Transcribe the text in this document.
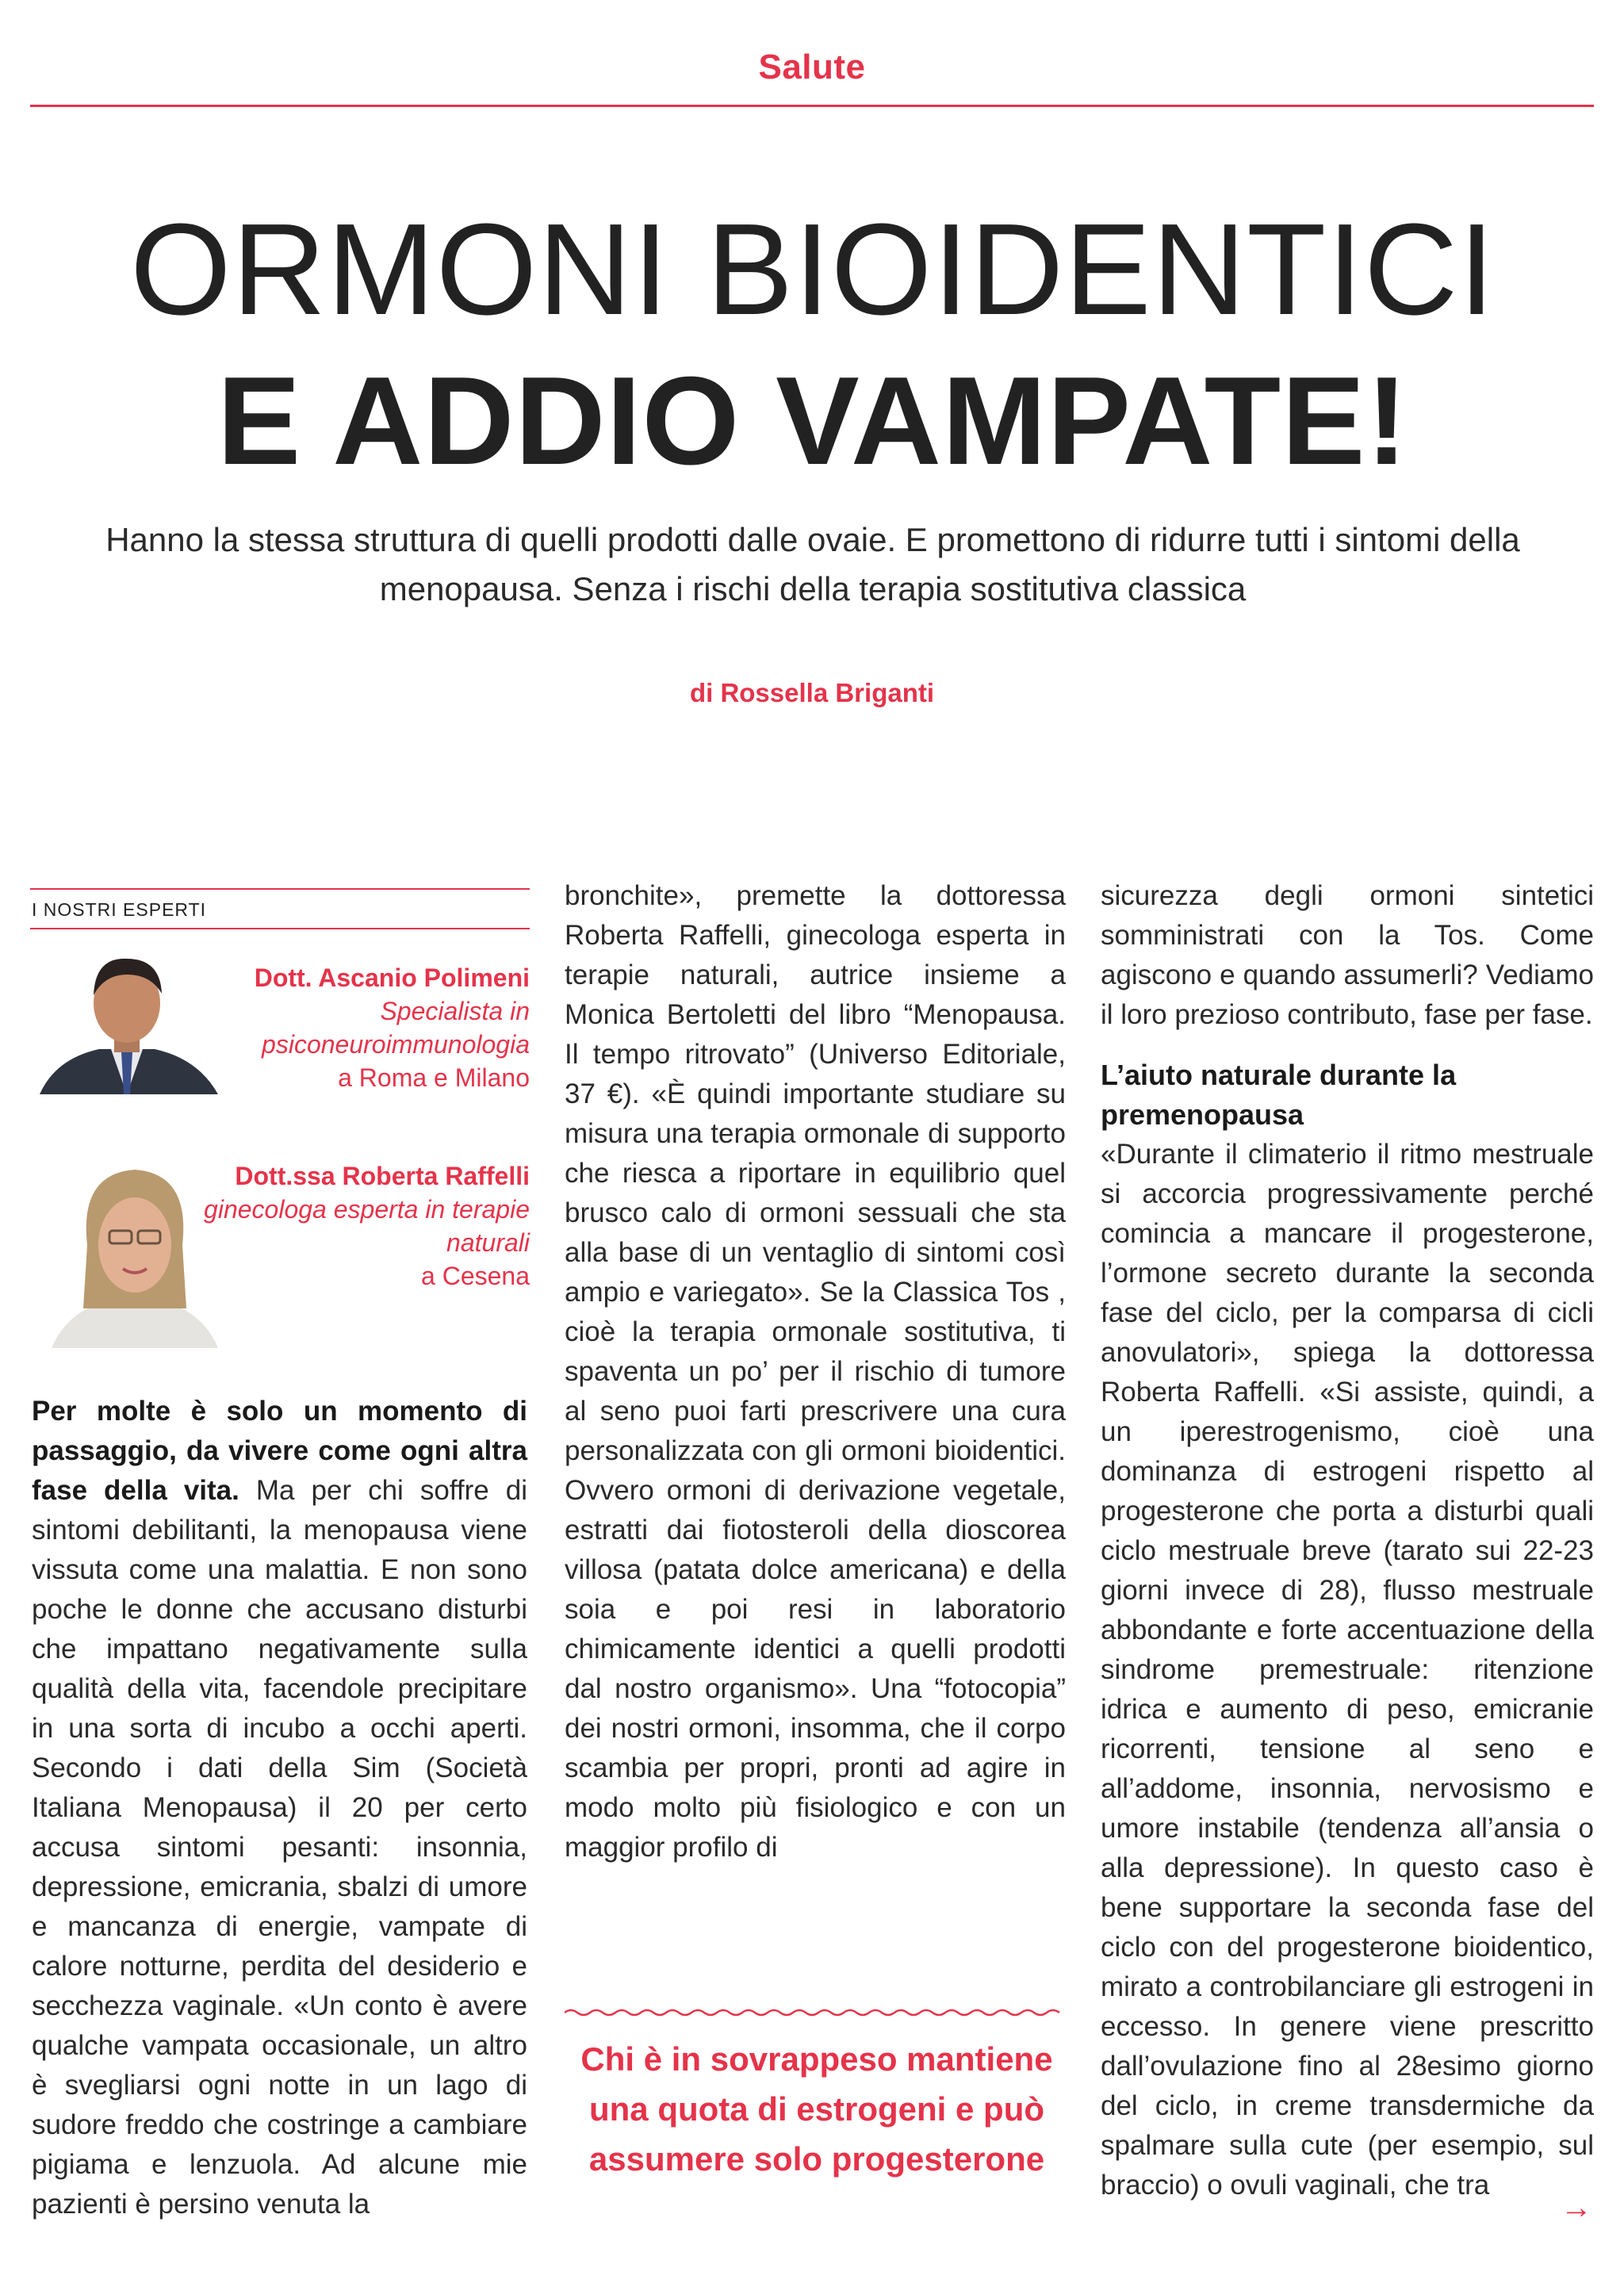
Salute
ORMONI BIOIDENTICI
E ADDIO VAMPATE!
Hanno la stessa struttura di quelli prodotti dalle ovaie. E promettono di ridurre tutti i sintomi della menopausa. Senza i rischi della terapia sostitutiva classica
di Rossella Briganti
I NOSTRI ESPERTI
Dott. Ascanio Polimeni
Specialista in psiconeuroimmunologia
a Roma e Milano
Dott.ssa Roberta Raffelli
ginecologa esperta in terapie naturali
a Cesena

Per molte è solo un momento di passaggio, da vivere come ogni altra fase della vita. Ma per chi soffre di sintomi debilitanti, la menopausa viene vissuta come una malattia. E non sono poche le donne che accusano disturbi che impattano negativamente sulla qualità della vita, facendole precipitare in una sorta di incubo a occhi aperti. Secondo i dati della Sim (Società Italiana Menopausa) il 20 per certo accusa sintomi pesanti: insonnia, depressione, emicrania, sbalzi di umore e mancanza di energie, vampate di calore notturne, perdita del desiderio e secchezza vaginale. «Un conto è avere qualche vampata occasionale, un altro è svegliarsi ogni notte in un lago di sudore freddo che costringe a cambiare pigiama e lenzuola. Ad alcune mie pazienti è persino venuta la

bronchite», premette la dottoressa Roberta Raffelli, ginecologa esperta in terapie naturali, autrice insieme a Monica Bertoletti del libro “Menopausa. Il tempo ritrovato” (Universo Editoriale, 37 €). «È quindi importante studiare su misura una terapia ormonale di supporto che riesca a riportare in equilibrio quel brusco calo di ormoni sessuali che sta alla base di un ventaglio di sintomi così ampio e variegato». Se la Classica Tos , cioè la terapia ormonale sostitutiva, ti spaventa un po’ per il rischio di tumore al seno puoi farti prescrivere una cura personalizzata con gli ormoni bioidentici. Ovvero ormoni di derivazione vegetale, estratti dai fiotosteroli della dioscorea villosa (patata dolce americana) e della soia e poi resi in laboratorio chimicamente identici a quelli prodotti dal nostro organismo». Una “fotocopia” dei nostri ormoni, insomma, che il corpo scambia per propri, pronti ad agire in modo molto più fisiologico e con un maggior profilo di

Chi è in sovrappeso mantiene una quota di estrogeni e può assumere solo progesterone

sicurezza degli ormoni sintetici somministrati con la Tos. Come agiscono e quando assumerli? Vediamo il loro prezioso contributo, fase per fase.

L’aiuto naturale durante la premenopausa

«Durante il climaterio il ritmo mestruale si accorcia progressivamente perché comincia a mancare il progesterone, l’ormone secreto durante la seconda fase del ciclo, per la comparsa di cicli anovulatori», spiega la dottoressa Roberta Raffelli. «Si assiste, quindi, a un iperestrogenismo, cioè una dominanza di estrogeni rispetto al progesterone che porta a disturbi quali ciclo mestruale breve (tarato sui 22-23 giorni invece di 28), flusso mestruale abbondante e forte accentuazione della sindrome premestruale: ritenzione idrica e aumento di peso, emicranie ricorrenti, tensione al seno e all’addome, insonnia, nervosismo e umore instabile (tendenza all’ansia o alla depressione). In questo caso è bene supportare la seconda fase del ciclo con del progesterone bioidentico, mirato a controbilanciare gli estrogeni in eccesso. In genere viene prescritto dall’ovulazione fino al 28esimo giorno del ciclo, in creme transdermiche da spalmare sulla cute (per esempio, sul braccio) o ovuli vaginali, che tra

→
